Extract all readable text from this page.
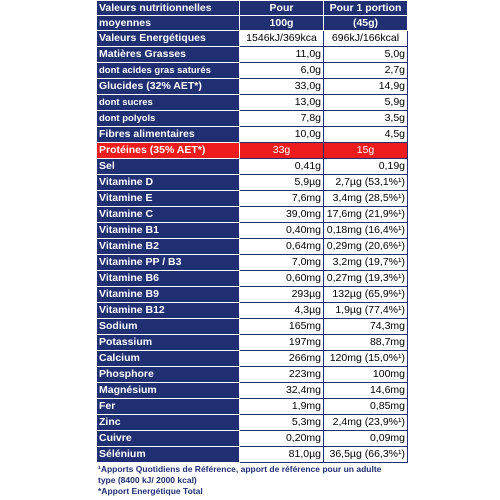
Valeurs nutritionnelles	Pour	Pour 1 portion
moyennes	100g	(45g)
Valeurs Energétiques	1546kJ/369kca	696kJ/166kcal
Matières Grasses	11,0g	5,0g
dont acides gras saturés	6,0g	2,7g
Glucides (32% AET*)	33,0g	14,9g
dont sucres	13,0g	5,9g
dont polyols	7,8g	3,5g
Fibres alimentaires	10,0g	4,5g
Protéines (35% AET*)	33g	15g
Sel	0,41g	0,19g
Vitamine D	5,9µg	2,7µg (53,1%¹)
Vitamine E	7,6mg	3,4mg (28,5%¹)
Vitamine C	39,0mg	17,6mg (21,9%¹)
Vitamine B1	0,40mg	0,18mg (16,4%¹)
Vitamine B2	0,64mg	0,29mg (20,6%¹)
Vitamine PP / B3	7,0mg	3,2mg (19,7%¹)
Vitamine B6	0,60mg	0,27mg (19,3%¹)
Vitamine B9	293µg	132µg (65,9%¹)
Vitamine B12	4,3µg	1,9µg (77,4%¹)
Sodium	165mg	74,3mg
Potassium	197mg	88,7mg
Calcium	266mg	120mg (15,0%¹)
Phosphore	223mg	100mg
Magnésium	32,4mg	14,6mg
Fer	1,9mg	0,85mg
Zinc	5,3mg	2,4mg (23,9%¹)
Cuivre	0,20mg	0,09mg
Sélénium	81,0µg	36,5µg (66,3%¹)
¹Apports Quotidiens de Référence, apport de référence pour un adulte
type (8400 kJ/ 2000 kcal)
*Apport Energétique Total
